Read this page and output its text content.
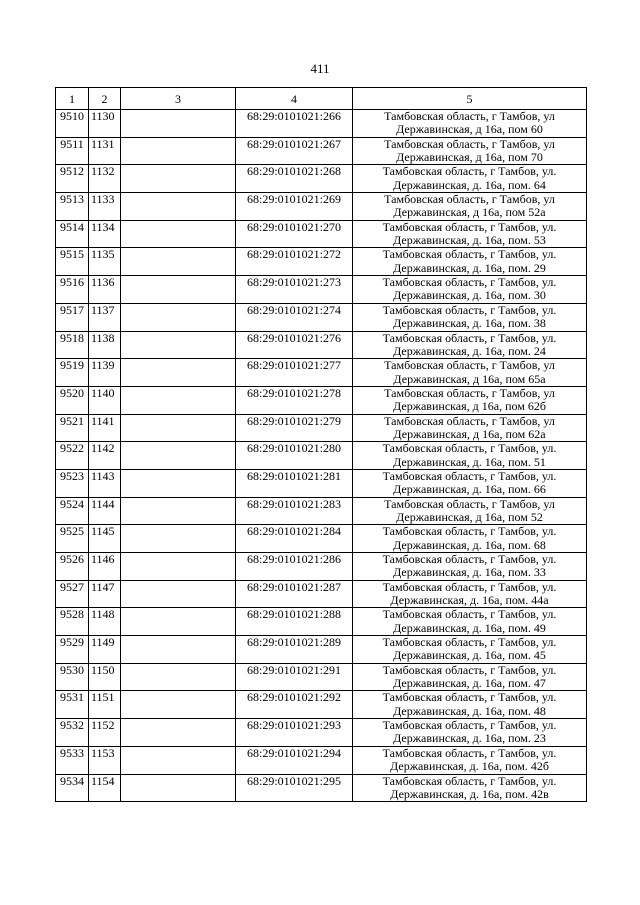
411
1	2	3	4	5
9510	1130		68:29:0101021:266	Тамбовская область, г Тамбов, ул
Державинская, д 16а, пом 60

9511	1131		68:29:0101021:267	Тамбовская область, г Тамбов, ул
Державинская, д 16а, пом 70

9512	1132		68:29:0101021:268	Тамбовская область, г Тамбов, ул.
Державинская, д. 16а, пом. 64

9513	1133		68:29:0101021:269	Тамбовская область, г Тамбов, ул
Державинская, д 16а, пом 52а

9514	1134		68:29:0101021:270	Тамбовская область, г Тамбов, ул.
Державинская, д. 16а, пом. 53

9515	1135		68:29:0101021:272	Тамбовская область, г Тамбов, ул.
Державинская, д. 16а, пом. 29

9516	1136		68:29:0101021:273	Тамбовская область, г Тамбов, ул.
Державинская, д. 16а, пом. 30

9517	1137		68:29:0101021:274	Тамбовская область, г Тамбов, ул.
Державинская, д. 16а, пом. 38

9518	1138		68:29:0101021:276	Тамбовская область, г Тамбов, ул.
Державинская, д. 16а, пом. 24

9519	1139		68:29:0101021:277	Тамбовская область, г Тамбов, ул
Державинская, д 16а, пом 65а

9520	1140		68:29:0101021:278	Тамбовская область, г Тамбов, ул
Державинская, д 16а, пом 62б

9521	1141		68:29:0101021:279	Тамбовская область, г Тамбов, ул
Державинская, д 16а, пом 62а

9522	1142		68:29:0101021:280	Тамбовская область, г Тамбов, ул.
Державинская, д. 16а, пом. 51

9523	1143		68:29:0101021:281	Тамбовская область, г Тамбов, ул.
Державинская, д. 16а, пом. 66

9524	1144		68:29:0101021:283	Тамбовская область, г Тамбов, ул
Державинская, д 16а, пом 52

9525	1145		68:29:0101021:284	Тамбовская область, г Тамбов, ул.
Державинская, д. 16а, пом. 68

9526	1146		68:29:0101021:286	Тамбовская область, г Тамбов, ул.
Державинская, д. 16а, пом. 33

9527	1147		68:29:0101021:287	Тамбовская область, г Тамбов, ул.
Державинская, д. 16а, пом. 44а

9528	1148		68:29:0101021:288	Тамбовская область, г Тамбов, ул.
Державинская, д. 16а, пом. 49

9529	1149		68:29:0101021:289	Тамбовская область, г Тамбов, ул.
Державинская, д. 16а, пом. 45

9530	1150		68:29:0101021:291	Тамбовская область, г Тамбов, ул.
Державинская, д. 16а, пом. 47

9531	1151		68:29:0101021:292	Тамбовская область, г Тамбов, ул.
Державинская, д. 16а, пом. 48

9532	1152		68:29:0101021:293	Тамбовская область, г Тамбов, ул.
Державинская, д. 16а, пом. 23

9533	1153		68:29:0101021:294	Тамбовская область, г Тамбов, ул.
Державинская, д. 16а, пом. 42б

9534	1154		68:29:0101021:295	Тамбовская область, г Тамбов, ул.
Державинская, д. 16а, пом. 42в
